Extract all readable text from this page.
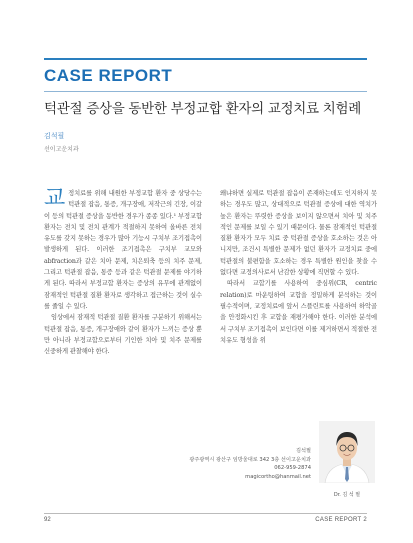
CASE REPORT
턱관절 증상을 동반한 부정교합 환자의 교정치료 치험례
김석필
선이고운치과

교정치료를 위해 내원한 부정교합 환자 중 상당수는 턱관절 잡음, 통증, 개구장애, 저작근의 긴장, 이갈이 등의 턱관절 증상을 동반한 경우가 종종 있다.¹ 부정교합 환자는 전치 및 전치 관계가 적절하지 못하여 올바른 전치유도를 갖지 못하는 경우가 많아 기능시 구치부 조기접촉이 발생하게 된다. 이러한 조기접촉은 구치부 교모와 abfraction과 같은 치아 문제, 치은퇴축 등의 치주 문제, 그리고 턱관절 잡음, 통증 등과 같은 턱관절 문제를 야기하게 된다. 따라서 부정교합 환자는 증상의 유무에 관계없이 잠재적인 턱관절 질환 환자로 생각하고 접근하는 것이 실수를 줄일 수 있다.

임상에서 잠재적 턱관절 질환 환자를 구분하기 위해서는 턱관절 잡음, 통증, 개구장애와 같이 환자가 느끼는 증상 뿐만 아니라 부정교합으로부터 기인한 치아 및 치주 문제를 신중하게 관찰해야 한다.

왜냐하면 실제로 턱관절 잡음이 존재하는데도 인지하지 못하는 경우도 많고, 상대적으로 턱관절 증상에 대한 역치가 높은 환자는 뚜렷한 증상을 보이지 않으면서 치아 및 치주적인 문제를 보일 수 있기 때문이다. 물론 잠재적인 턱관절 질환 환자가 모두 치료 중 턱관절 증상을 호소하는 것은 아니지만, 조건시 특별한 문제가 없던 환자가 교정치료 중에 턱관절의 불편함을 호소하는 경우 특별한 원인을 찾을 수 없다면 교정의사로서 난감한 상황에 직면할 수 있다.

따라서 교합기를 사용하여 중심위(CR, centric relation)로 마운팅하여 교합을 정밀하게 분석하는 것이 필수적이며, 교정치료에 앞서 스플린트를 사용하여 하악골을 안정화시킨 후 교합을 재평가해야 한다. 이러한 분석에서 구치부 조기접촉이 보인다면 이를 제거하면서 적절한 전치유도 형성을 위

김석필
광주광역시 광산구 임방울대로 342 3층 선이고운치과
062-959-2874
magicortho@hanmail.net
Dr. 김 석 필
92	CASE REPORT 2
